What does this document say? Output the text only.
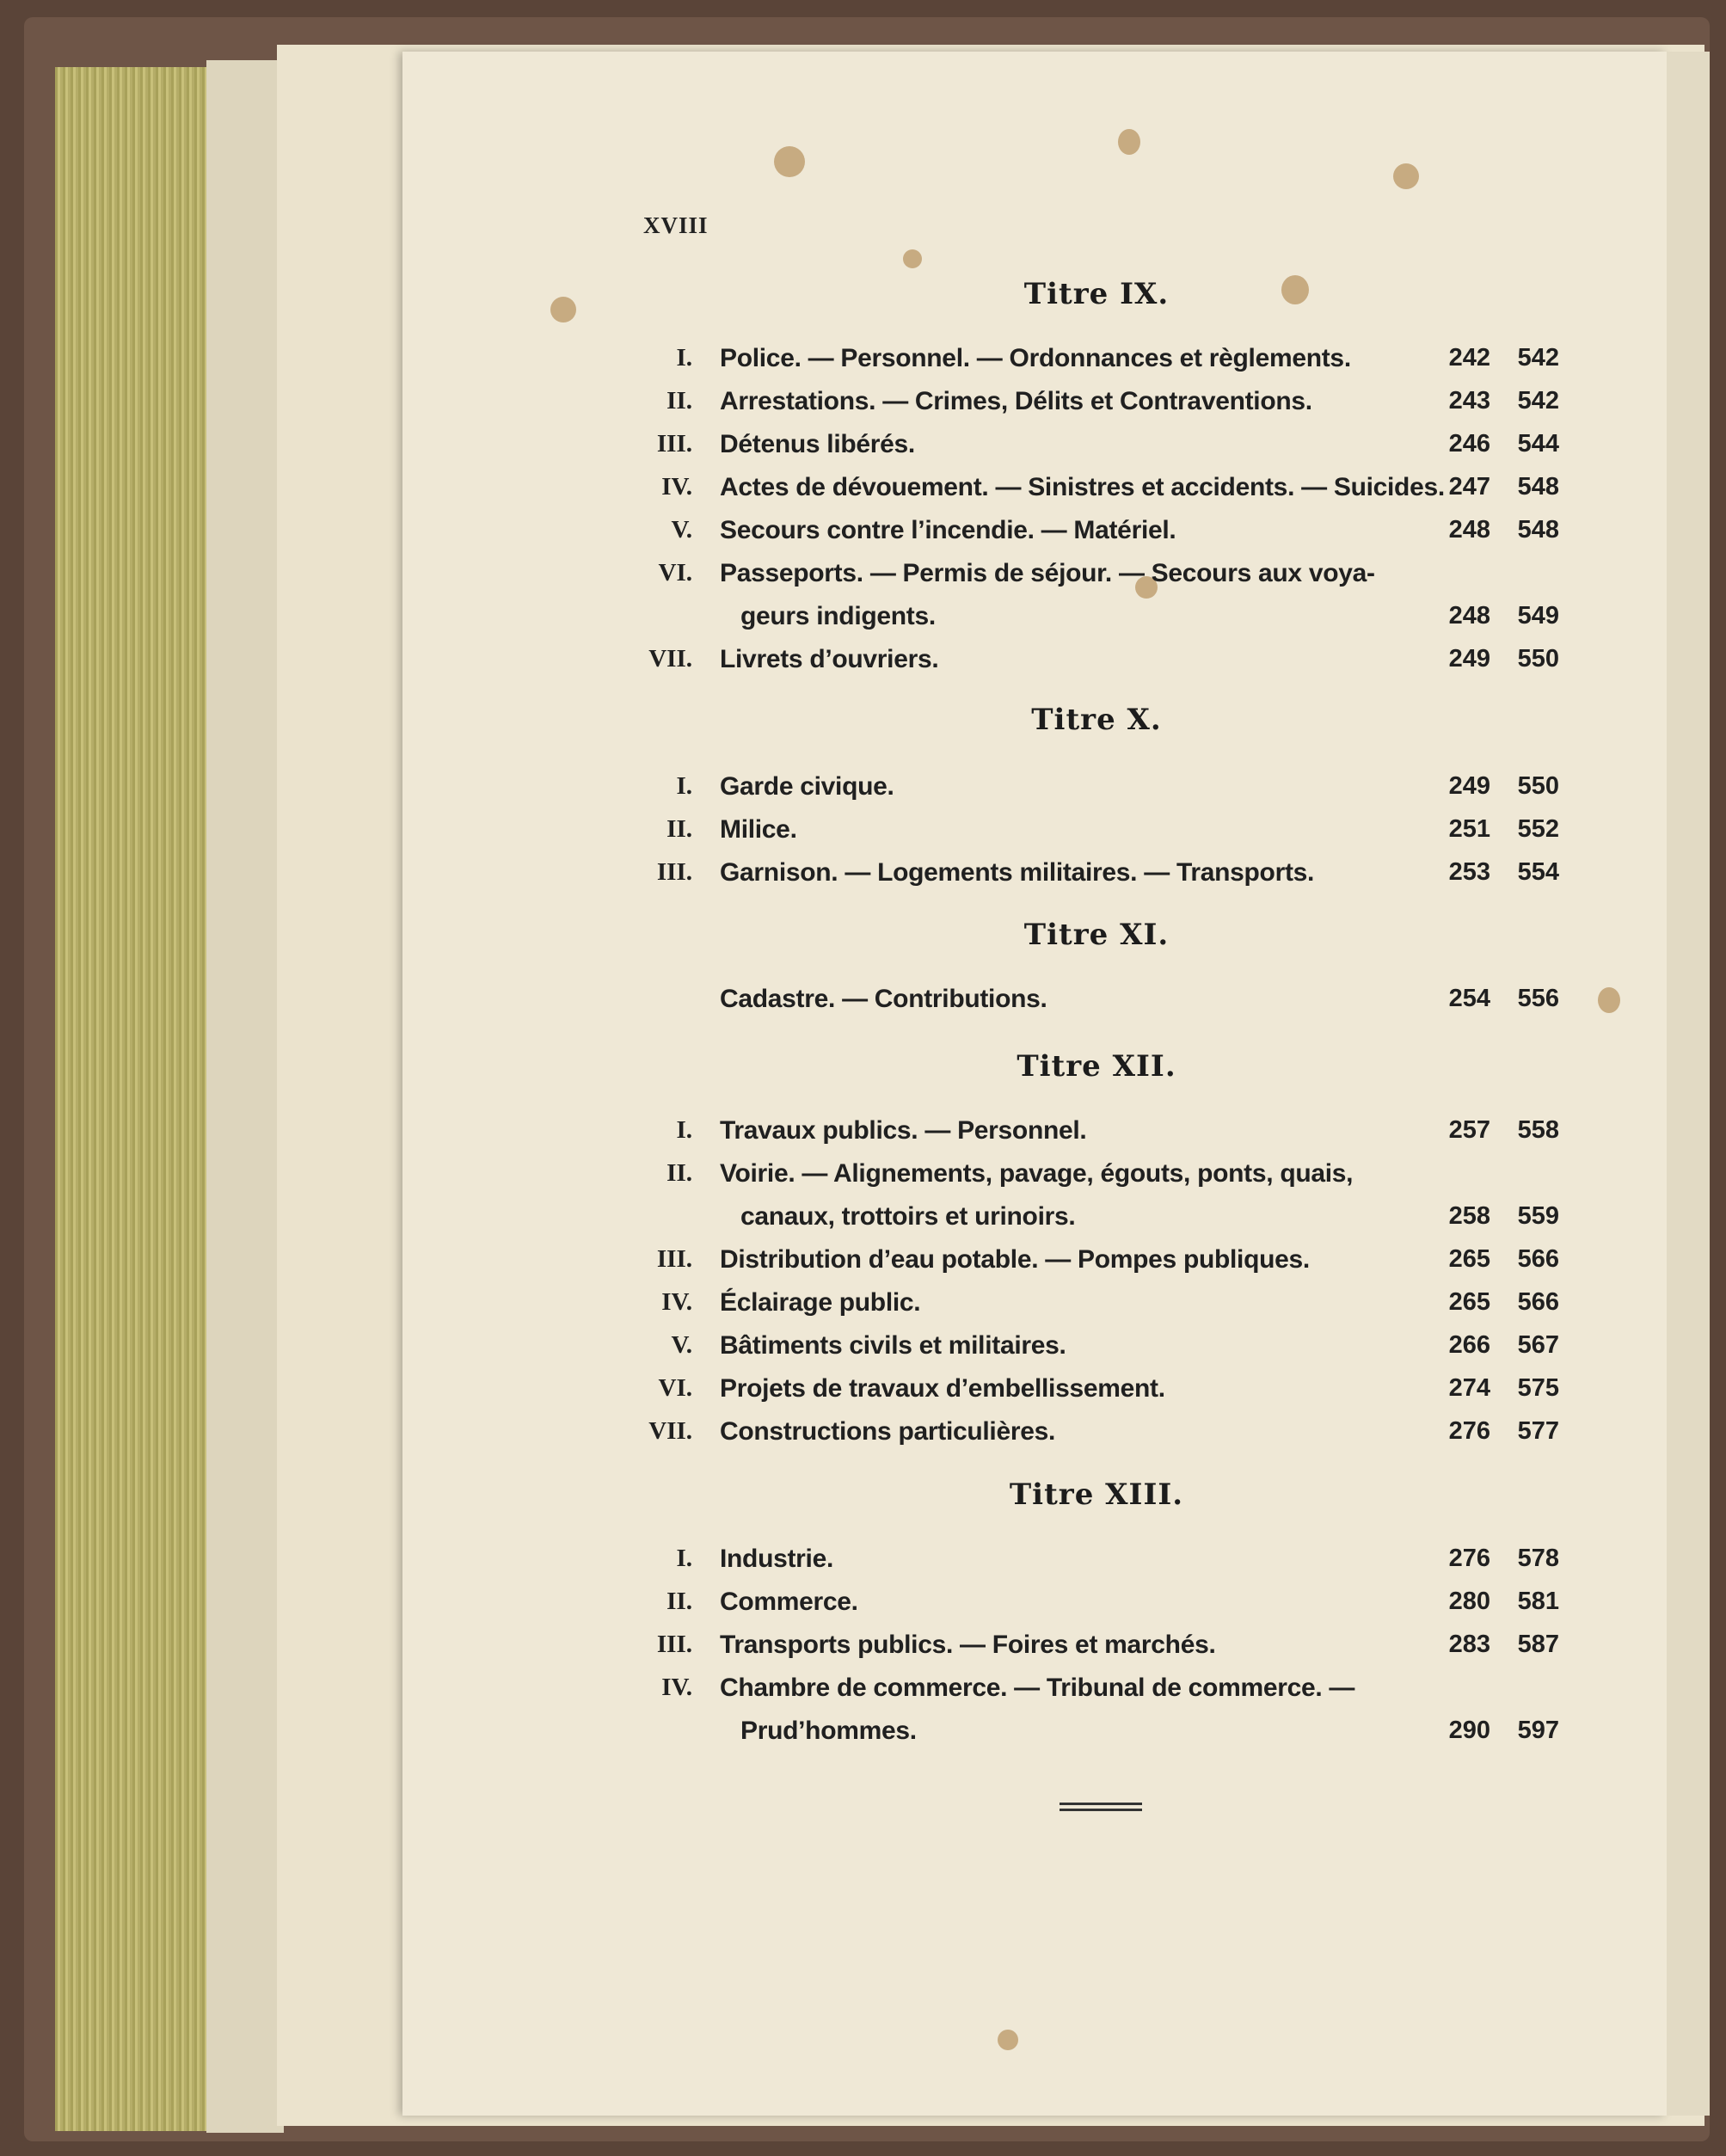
XVIII
Titre IX.
I. Police. — Personnel. — Ordonnances et règlements.	242	542
II. Arrestations. — Crimes, Délits et Contraventions.	243	542
III. Détenus libérés.	246	544
IV. Actes de dévouement. — Sinistres et accidents. — Suicides. 247	548
V. Secours contre l’incendie. — Matériel.	248	548
VI. Passeports. — Permis de séjour. — Secours aux voya-
geurs indigents.	248	549
VII. Livrets d’ouvriers.	249	550
Titre X.
I. Garde civique.	249	550
II. Milice.	251	552
III. Garnison. — Logements militaires. — Transports.	253	554
Titre XI.
Cadastre. — Contributions.	254	556
Titre XII.
I. Travaux publics. — Personnel.	257	558
II. Voirie. — Alignements, pavage, égouts, ponts, quais,
canaux, trottoirs et urinoirs.	258	559
III. Distribution d’eau potable. — Pompes publiques.	265	566
IV. Éclairage public.	265	566
V. Bâtiments civils et militaires.	266	567
VI. Projets de travaux d’embellissement.	274	575
VII. Constructions particulières.	276	577
Titre XIII.
I. Industrie.	276	578
II. Commerce.	280	581
III. Transports publics. — Foires et marchés.	283	587
IV. Chambre de commerce. — Tribunal de commerce. —
Prud’hommes.	290	597
